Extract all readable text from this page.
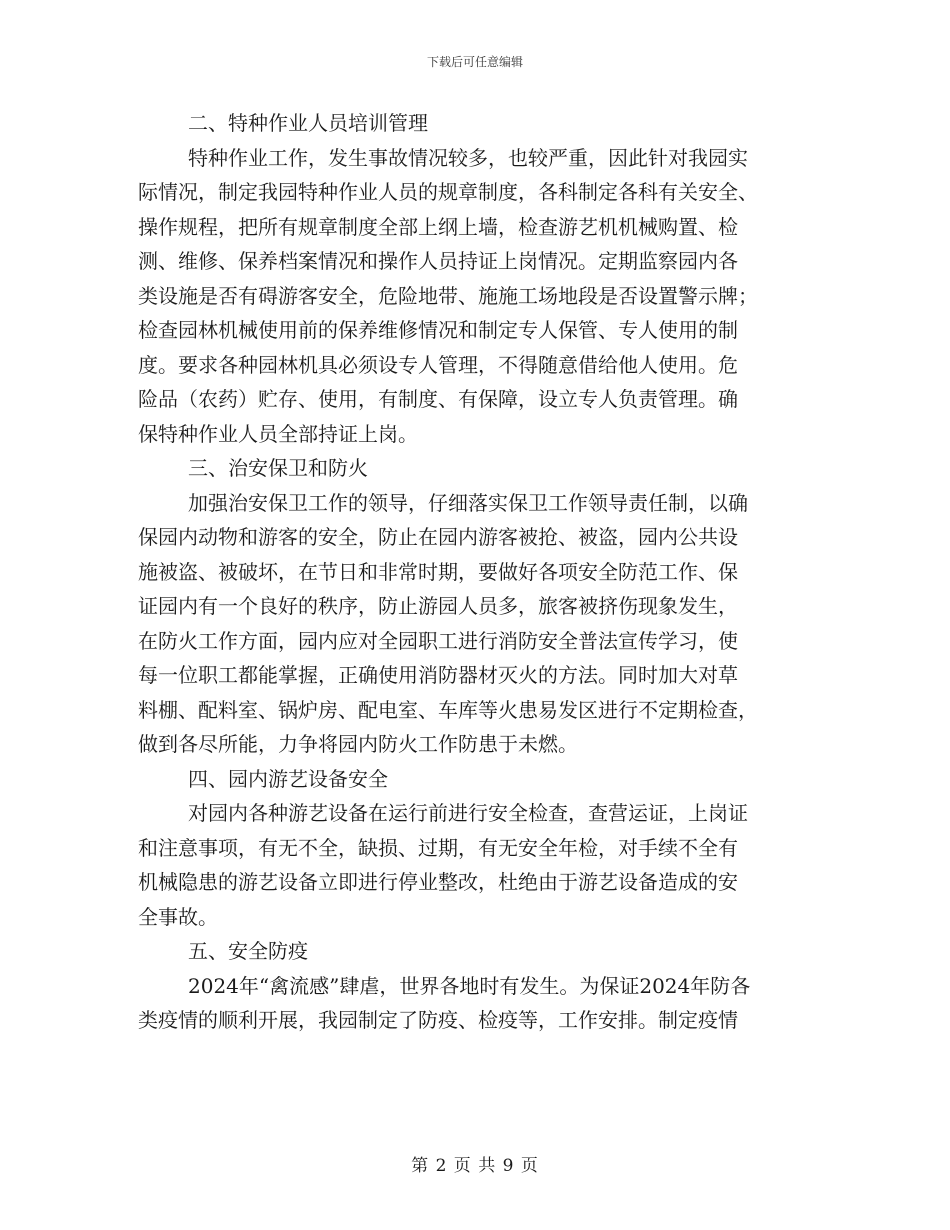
下载后可任意编辑
二、特种作业人员培训管理
特种作业工作，发生事故情况较多，也较严重，因此针对我园实
际情况，制定我园特种作业人员的规章制度，各科制定各科有关安全、
操作规程，把所有规章制度全部上纲上墙，检查游艺机机械购置、检
测、维修、保养档案情况和操作人员持证上岗情况。定期监察园内各
类设施是否有碍游客安全，危险地带、施施工场地段是否设置警示牌；
检查园林机械使用前的保养维修情况和制定专人保管、专人使用的制
度。要求各种园林机具必须设专人管理，不得随意借给他人使用。危
险品（农药）贮存、使用，有制度、有保障，设立专人负责管理。确
保特种作业人员全部持证上岗。
三、治安保卫和防火
加强治安保卫工作的领导，仔细落实保卫工作领导责任制，以确
保园内动物和游客的安全，防止在园内游客被抢、被盗，园内公共设
施被盗、被破坏，在节日和非常时期，要做好各项安全防范工作、保
证园内有一个良好的秩序，防止游园人员多，旅客被挤伤现象发生，
在防火工作方面，园内应对全园职工进行消防安全普法宣传学习，使
每一位职工都能掌握，正确使用消防器材灭火的方法。同时加大对草
料棚、配料室、锅炉房、配电室、车库等火患易发区进行不定期检查，
做到各尽所能，力争将园内防火工作防患于未燃。
四、园内游艺设备安全
对园内各种游艺设备在运行前进行安全检查，查营运证，上岗证
和注意事项，有无不全，缺损、过期，有无安全年检，对手续不全有
机械隐患的游艺设备立即进行停业整改，杜绝由于游艺设备造成的安
全事故。
五、安全防疫
2024年“禽流感”肆虐，世界各地时有发生。为保证2024年防各
类疫情的顺利开展，我园制定了防疫、检疫等，工作安排。制定疫情
第 2 页 共 9 页
